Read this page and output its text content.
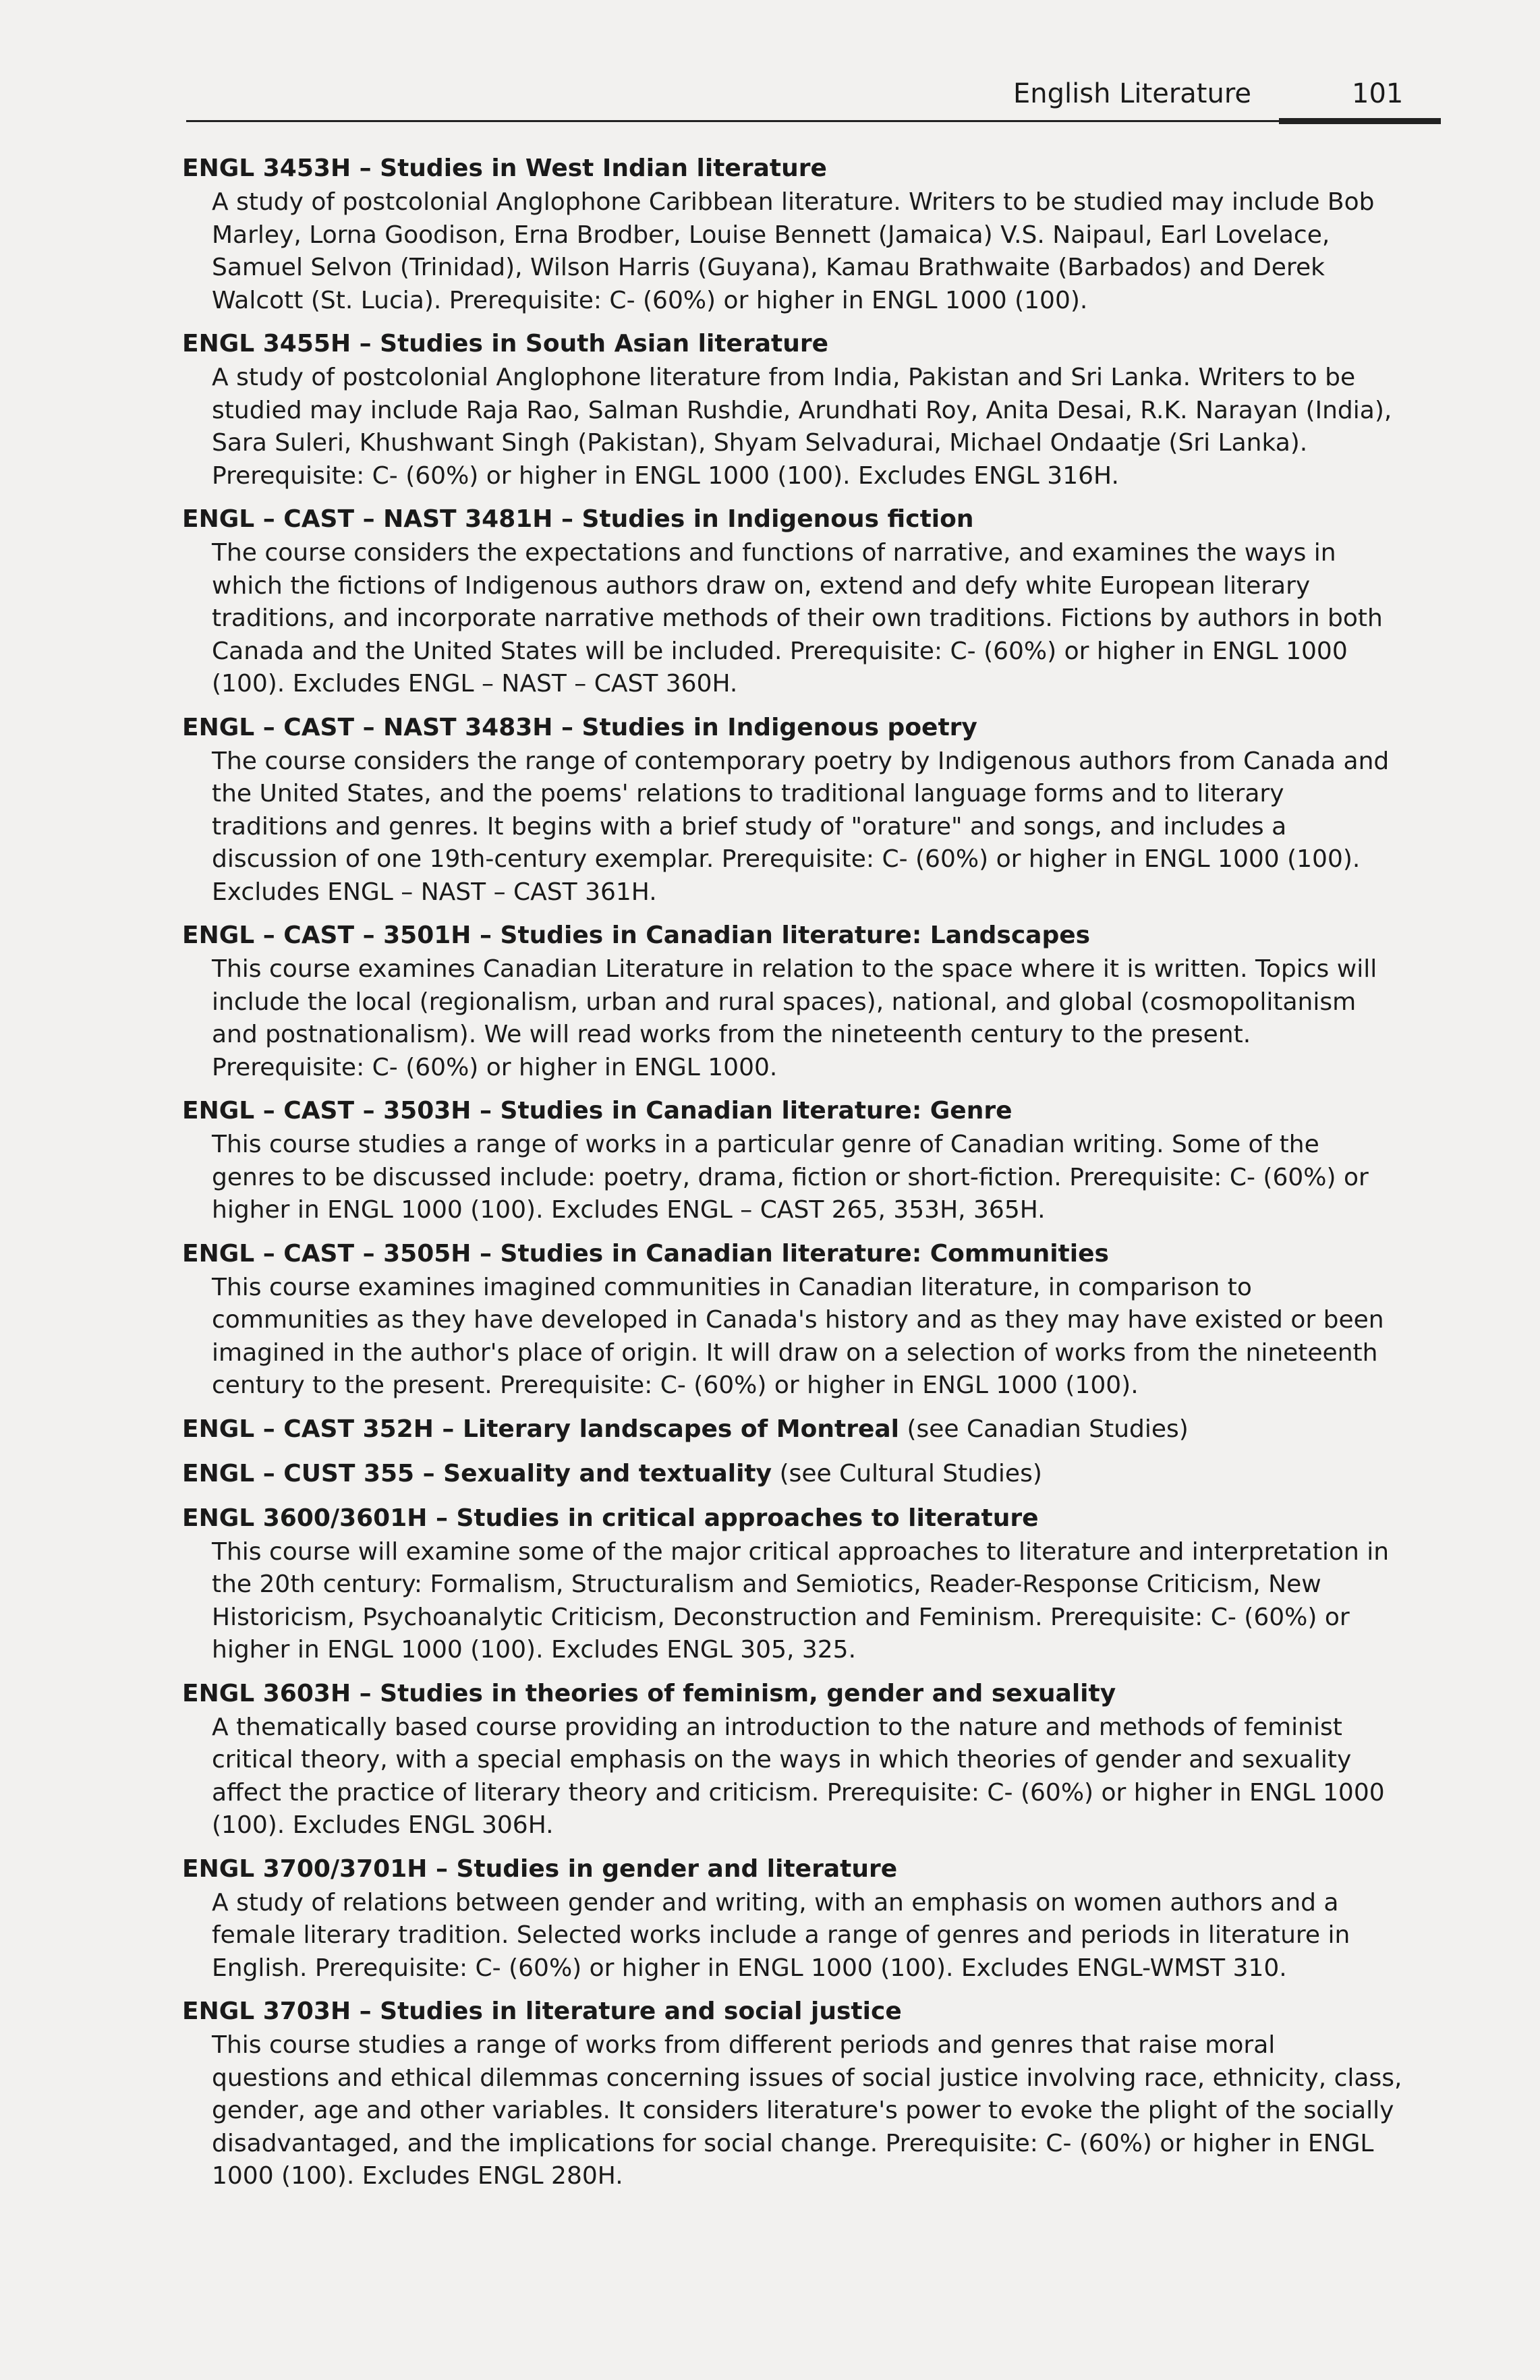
English Literature	101
ENGL 3453H – Studies in West Indian literature
A study of postcolonial Anglophone Caribbean literature. Writers to be studied may include Bob
Marley, Lorna Goodison, Erna Brodber, Louise Bennett (Jamaica) V.S. Naipaul, Earl Lovelace,
Samuel Selvon (Trinidad), Wilson Harris (Guyana), Kamau Brathwaite (Barbados) and Derek
Walcott (St. Lucia). Prerequisite: C- (60%) or higher in ENGL 1000 (100).
ENGL 3455H – Studies in South Asian literature
A study of postcolonial Anglophone literature from India, Pakistan and Sri Lanka. Writers to be
studied may include Raja Rao, Salman Rushdie, Arundhati Roy, Anita Desai, R.K. Narayan (India),
Sara Suleri, Khushwant Singh (Pakistan), Shyam Selvadurai, Michael Ondaatje (Sri Lanka).
Prerequisite: C- (60%) or higher in ENGL 1000 (100). Excludes ENGL 316H.
ENGL – CAST – NAST 3481H – Studies in Indigenous fiction
The course considers the expectations and functions of narrative, and examines the ways in
which the fictions of Indigenous authors draw on, extend and defy white European literary
traditions, and incorporate narrative methods of their own traditions. Fictions by authors in both
Canada and the United States will be included. Prerequisite: C- (60%) or higher in ENGL 1000
(100). Excludes ENGL – NAST – CAST 360H.
ENGL – CAST – NAST 3483H – Studies in Indigenous poetry
The course considers the range of contemporary poetry by Indigenous authors from Canada and
the United States, and the poems' relations to traditional language forms and to literary
traditions and genres. It begins with a brief study of "orature" and songs, and includes a
discussion of one 19th-century exemplar. Prerequisite: C- (60%) or higher in ENGL 1000 (100).
Excludes ENGL – NAST – CAST 361H.
ENGL – CAST – 3501H – Studies in Canadian literature: Landscapes
This course examines Canadian Literature in relation to the space where it is written. Topics will
include the local (regionalism, urban and rural spaces), national, and global (cosmopolitanism
and postnationalism). We will read works from the nineteenth century to the present.
Prerequisite: C- (60%) or higher in ENGL 1000.
ENGL – CAST – 3503H – Studies in Canadian literature: Genre
This course studies a range of works in a particular genre of Canadian writing. Some of the
genres to be discussed include: poetry, drama, fiction or short-fiction. Prerequisite: C- (60%) or
higher in ENGL 1000 (100). Excludes ENGL – CAST 265, 353H, 365H.
ENGL – CAST – 3505H – Studies in Canadian literature: Communities
This course examines imagined communities in Canadian literature, in comparison to
communities as they have developed in Canada's history and as they may have existed or been
imagined in the author's place of origin. It will draw on a selection of works from the nineteenth
century to the present. Prerequisite: C- (60%) or higher in ENGL 1000 (100).
ENGL – CAST 352H – Literary landscapes of Montreal (see Canadian Studies)
ENGL – CUST 355 – Sexuality and textuality (see Cultural Studies)
ENGL 3600/3601H – Studies in critical approaches to literature
This course will examine some of the major critical approaches to literature and interpretation in
the 20th century: Formalism, Structuralism and Semiotics, Reader-Response Criticism, New
Historicism, Psychoanalytic Criticism, Deconstruction and Feminism. Prerequisite: C- (60%) or
higher in ENGL 1000 (100). Excludes ENGL 305, 325.
ENGL 3603H – Studies in theories of feminism, gender and sexuality
A thematically based course providing an introduction to the nature and methods of feminist
critical theory, with a special emphasis on the ways in which theories of gender and sexuality
affect the practice of literary theory and criticism. Prerequisite: C- (60%) or higher in ENGL 1000
(100). Excludes ENGL 306H.
ENGL 3700/3701H – Studies in gender and literature
A study of relations between gender and writing, with an emphasis on women authors and a
female literary tradition. Selected works include a range of genres and periods in literature in
English. Prerequisite: C- (60%) or higher in ENGL 1000 (100). Excludes ENGL-WMST 310.
ENGL 3703H – Studies in literature and social justice
This course studies a range of works from different periods and genres that raise moral
questions and ethical dilemmas concerning issues of social justice involving race, ethnicity, class,
gender, age and other variables. It considers literature's power to evoke the plight of the socially
disadvantaged, and the implications for social change. Prerequisite: C- (60%) or higher in ENGL
1000 (100). Excludes ENGL 280H.
